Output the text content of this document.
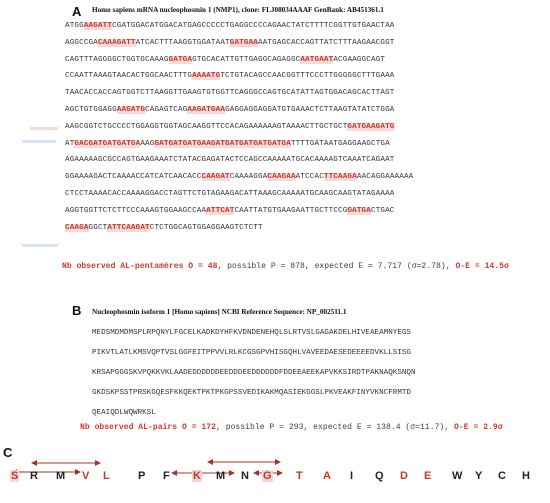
A Homo sapiens mRNA nucleophosmin 1 (NMP1), clone: FLJ08034AAAF GenBank: AB451361.1
ATGGAAGATTCGATGGACATGGACATGAGCCCCCTGAGGCCCCAGAACTATCTTTTCGGTTGTGAACTAA
AGGCCGACAAAGATTATCACTTTAAGGTGGATAATGATGAAAATGAGCACCAGTTATCTTTAAGAACGGT
CAGTTTAGGGGCTGGTGCAAAGGATGAGTGCACATTGTTGAGGCAGAGGCAATGAATACGAAGGCAGT
CCAATTAAAGTAACACTGGCAACTTTGAAAATGTCTGTACAGCCAACGGTTTCCCTTGGGGGCTTTGAAA
TAACACCACCAGTGGTCTTAAGGTTGAAGTGTGGTTCAGGGCCAGTGCATATTAGTGGACAGCACTTAGT
AGCTGTGGAGGAAGATGCAGAGTCAGAAGATGAAGAGGAGGAGGATGTGAAACTCTTAAGTATATCTGGA
AAGCGGTCTGCCCCTGGAGGTGGTAGCAAGGTTCCACAGAAAAAAGTAAAACTTGCTGCTGATGAAGATG
ATGACGATGATGATGAAAGGATGATGATGAAGATGATGATGATGATGATTTTGATAATGAGGAAGCTGA
AGAAAAAGCGCCAGTGAAGAAATCTATACGAGATACTCCAGCCAAAAATGCACAAAAGTCAAATCAGAAT
GGAAAAGACTCAAAACCATCATCAACACCCAAGATCAAAAGGACAAGAAATCCACTTCAAGAAACAGGAAAAAA
CTCCTAAAACACCAAAAGGACCTAGTTCTGTAGAAGACATTAAAGCAAAAATGCAAGCAAGTATAGAAAA
AGGTGGTTCTCTTCCCAAAGTGGAAGCCAAATTCATCAATTATGTGAAGAATTGCTTCCGGATGACTGAC
CAAGAGGCTATTCAAGATCTCTGGCAGTGGAGGAAGTCTCTT
Nb observed AL-pentamères O = 48, possible P = 878, expected E = 7.717 (σ=2.78), O-E = 14.5σ
B Nucleophosmin isoform 1 [Homo sapiens] NCBI Reference Sequence: NP_002511.1
MEDSMDMDMSPLRPQNYLFGCELKADKDYHFKVDNDENEHQLSLRTVSLGAGAKDELHIVEAEAMNYEGS
PIKVTLATLKMSVQPTVSLGGFEITPPVVLRLKCGSGPVHISGQHLVAVEEDAESEDEEEEDVKLLSISG
KRSAPGGGSKVPQKKVKLAADEDDDDDDEEDDDEEDDDDDDFDDEEAEEKAPVKKSIRDTPAKNAQKSNQN
GKDSKPSSTPRSKGQESFKKQEKTPKTPKGPSSVEDIKAKMQASIEKGGSLPKVEAKFINYVKNCFRMTD
QEAIQDLWQWRKSL
Nb observed AL-pairs O = 172, possible P = 293, expected E = 138.4 (σ=11.7), O-E = 2.9σ
C
S R M V L	P F K M N G T A I Q D E W Y C H
